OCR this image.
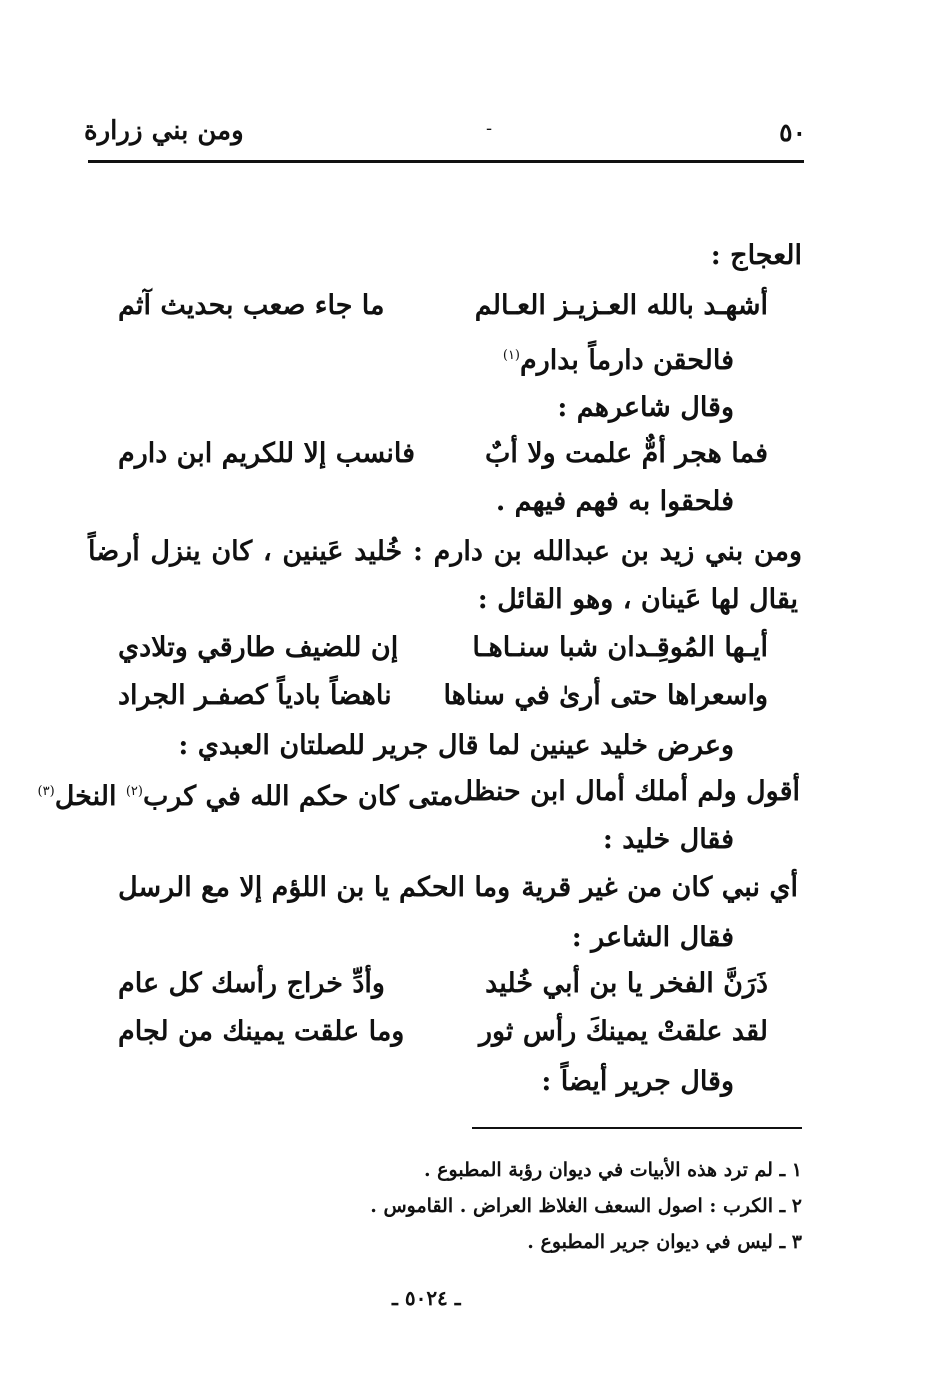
٥٠
-
ومن بني زرارة
العجاج :
أشهـد بالله العـزيـز العـالم
ما جاء صعب بحديث آثم
فالحقن دارماً بدارم$^{(١)}$
وقال شاعرهم :
فما هجر أمٌّ علمت ولا أبٌ
فانسب إلا للكريم ابن دارم
فلحقوا به فهم فيهم .
ومن بني زيد بن عبدالله بن دارم : خُليد عَينين ، كان ينزل أرضاً
يقال لها عَينان ، وهو القائل :
أيـها المُوقِـدان شبا سنـاهـا
إن للضيف طارقي وتلادي
واسعراها حتى أرىٰ في سناها
ناهضاً بادياً كصفـر الجراد
وعرض خليد عينين لما قال جرير للصلتان العبدي :
أقول ولم أملك أمال ابن حنظل
متى كان حكم الله في كرب$^{(٢)}$ النخل$^{(٣)}$
فقال خليد :
أي نبي كان من غير قرية
وما الحكم يا بن اللؤم إلا مع الرسل
فقال الشاعر :
ذَرَنَّ الفخر يا بن أبي خُليد
وأدِّ خراج رأسك كل عام
لقد علقتْ يمينكَ رأس ثور
وما علقت يمينك من لجام
وقال جرير أيضاً :
١ ـ لم ترد هذه الأبيات في ديوان رؤبة المطبوع .
٢ ـ الكرب : اصول السعف الغلاظ العراض . القاموس .
٣ ـ ليس في ديوان جرير المطبوع .
ـ ٥٠٢٤ ـ
